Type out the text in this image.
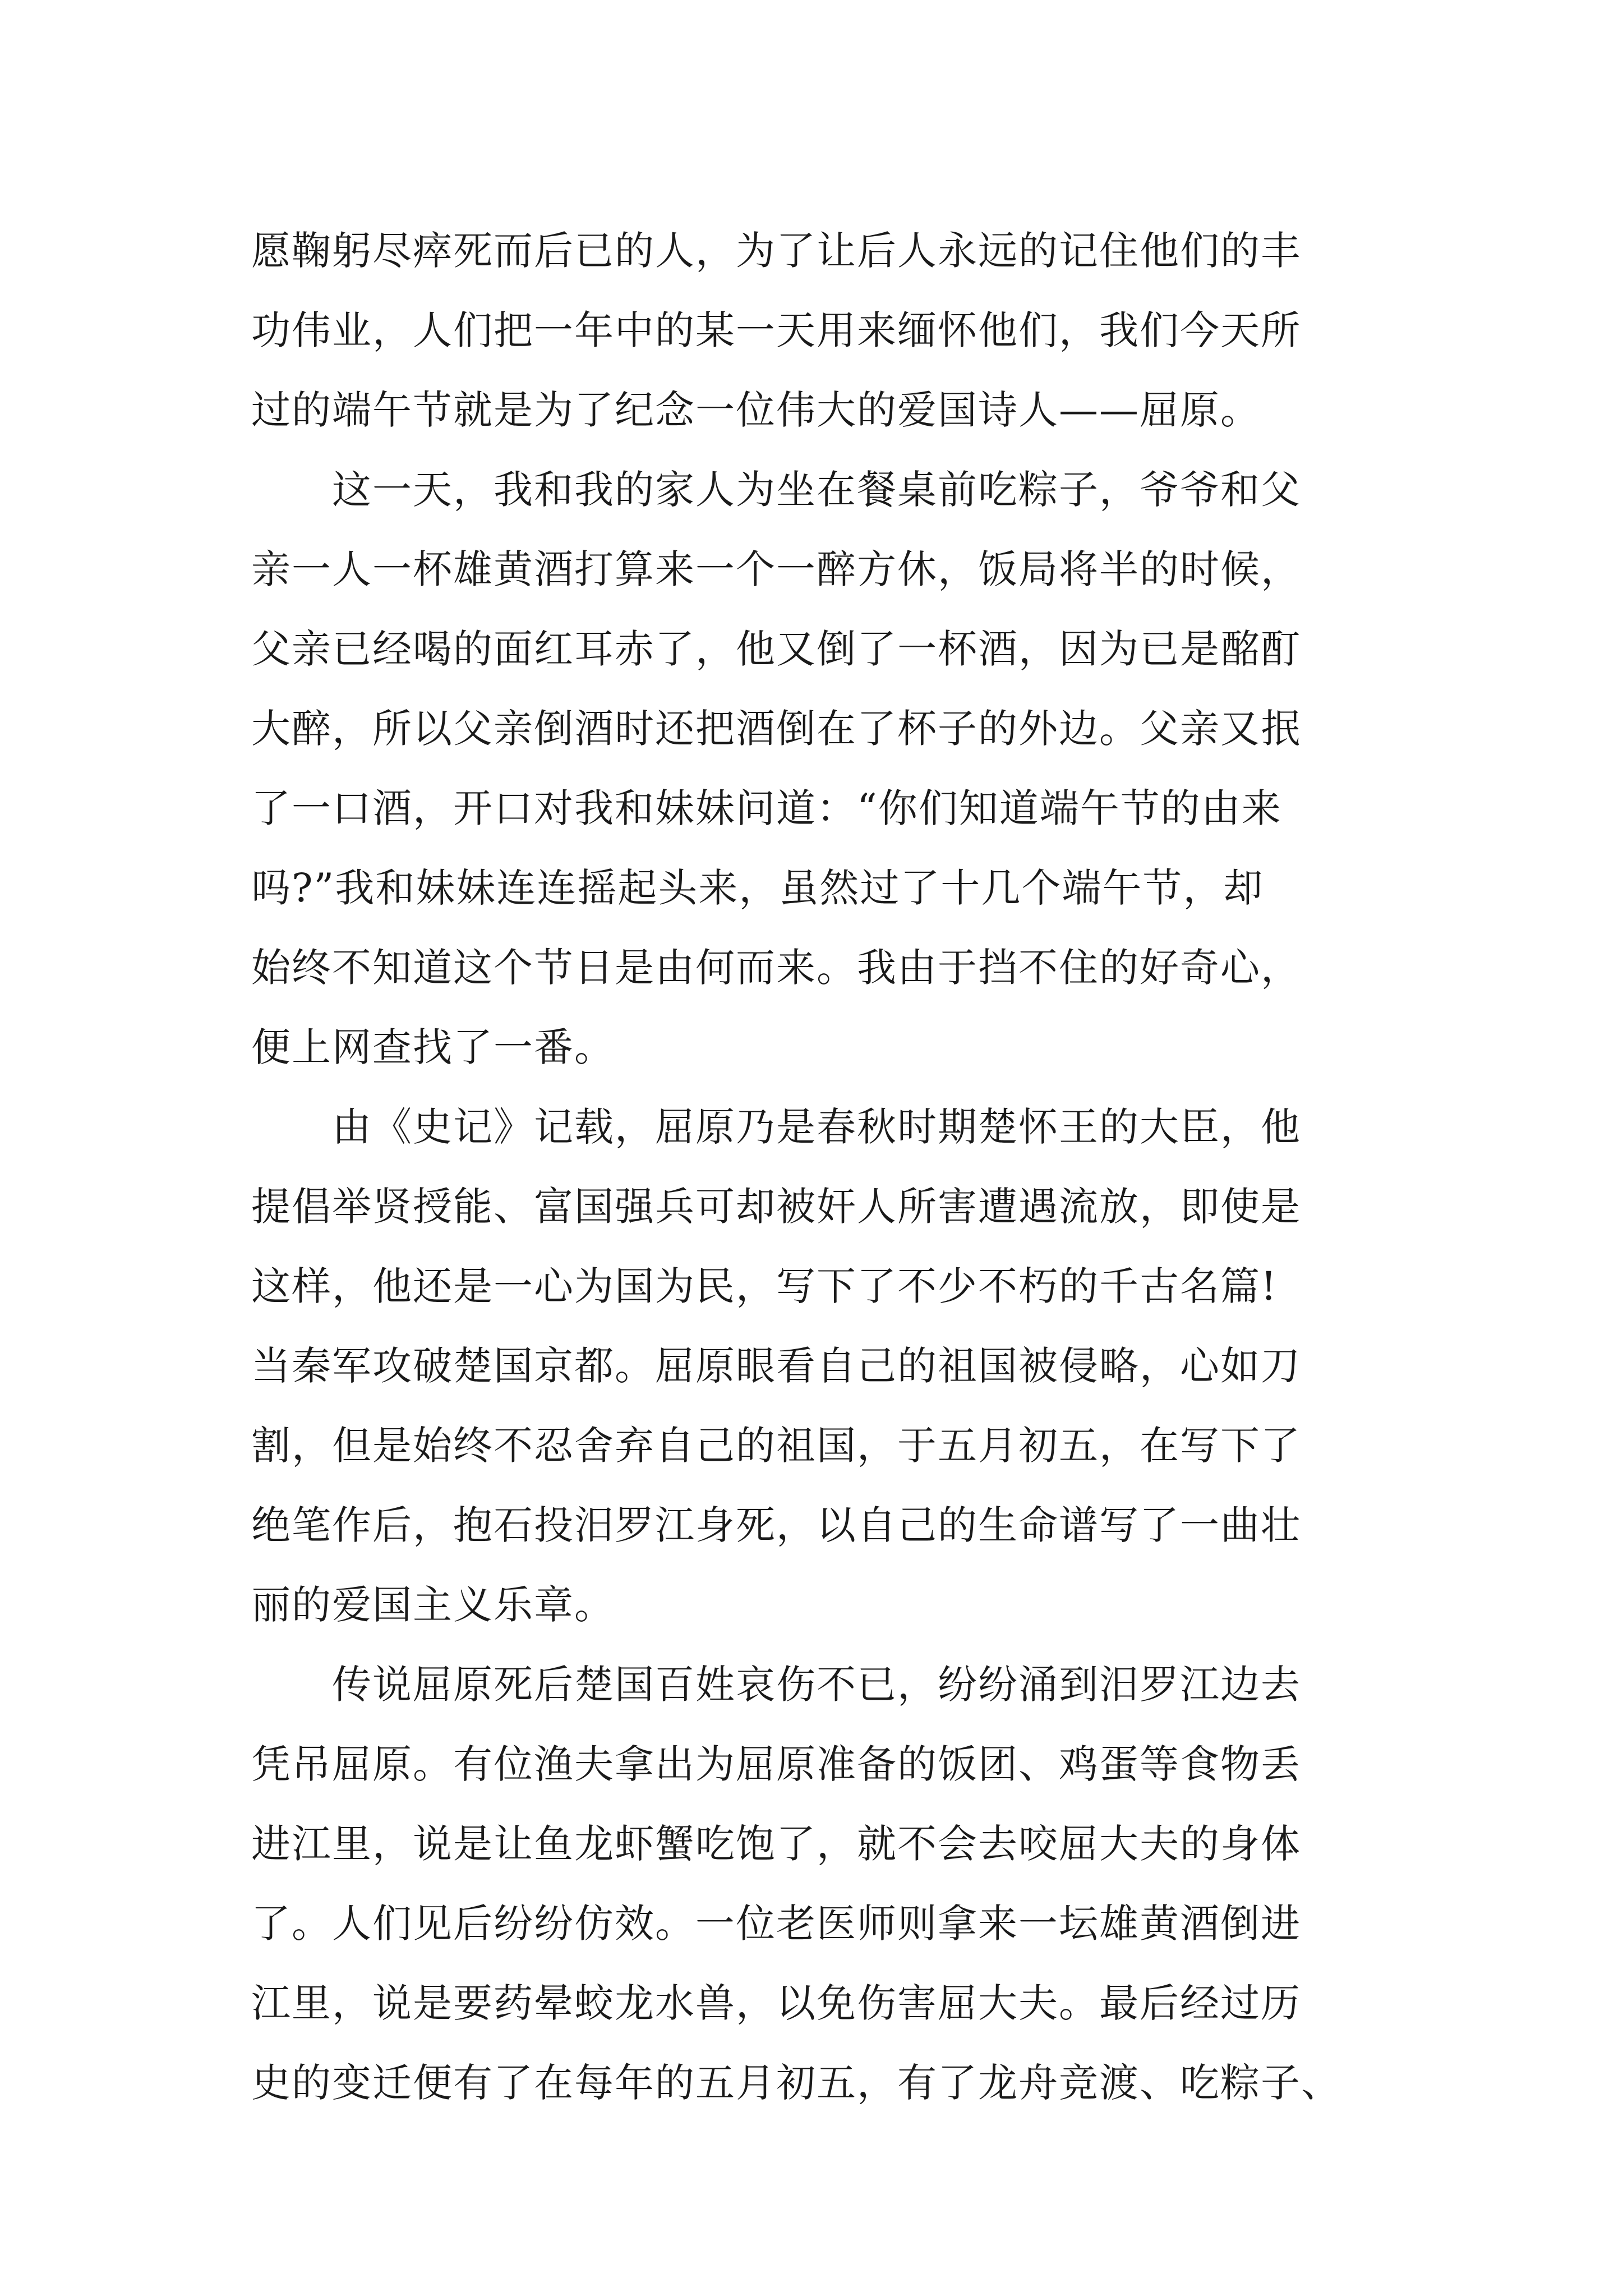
愿鞠躬尽瘁死而后已的人，为了让后人永远的记住他们的丰
功伟业，人们把一年中的某一天用来缅怀他们，我们今天所
过的端午节就是为了纪念一位伟大的爱国诗人——屈原。
这一天，我和我的家人为坐在餐桌前吃粽子，爷爷和父
亲一人一杯雄黄酒打算来一个一醉方休，饭局将半的时候，
父亲已经喝的面红耳赤了，他又倒了一杯酒，因为已是酩酊
大醉，所以父亲倒酒时还把酒倒在了杯子的外边。父亲又抿
了一口酒，开口对我和妹妹问道：“你们知道端午节的由来
吗?”我和妹妹连连摇起头来，虽然过了十几个端午节，却
始终不知道这个节日是由何而来。我由于挡不住的好奇心，
便上网查找了一番。
由《史记》记载，屈原乃是春秋时期楚怀王的大臣，他
提倡举贤授能、富国强兵可却被奸人所害遭遇流放，即使是
这样，他还是一心为国为民，写下了不少不朽的千古名篇!
当秦军攻破楚国京都。屈原眼看自己的祖国被侵略，心如刀
割，但是始终不忍舍弃自己的祖国，于五月初五，在写下了
绝笔作后，抱石投汨罗江身死，以自己的生命谱写了一曲壮
丽的爱国主义乐章。
传说屈原死后楚国百姓哀伤不已，纷纷涌到汨罗江边去
凭吊屈原。有位渔夫拿出为屈原准备的饭团、鸡蛋等食物丢
进江里，说是让鱼龙虾蟹吃饱了，就不会去咬屈大夫的身体
了。人们见后纷纷仿效。一位老医师则拿来一坛雄黄酒倒进
江里，说是要药晕蛟龙水兽，以免伤害屈大夫。最后经过历
史的变迁便有了在每年的五月初五，有了龙舟竞渡、吃粽子、
